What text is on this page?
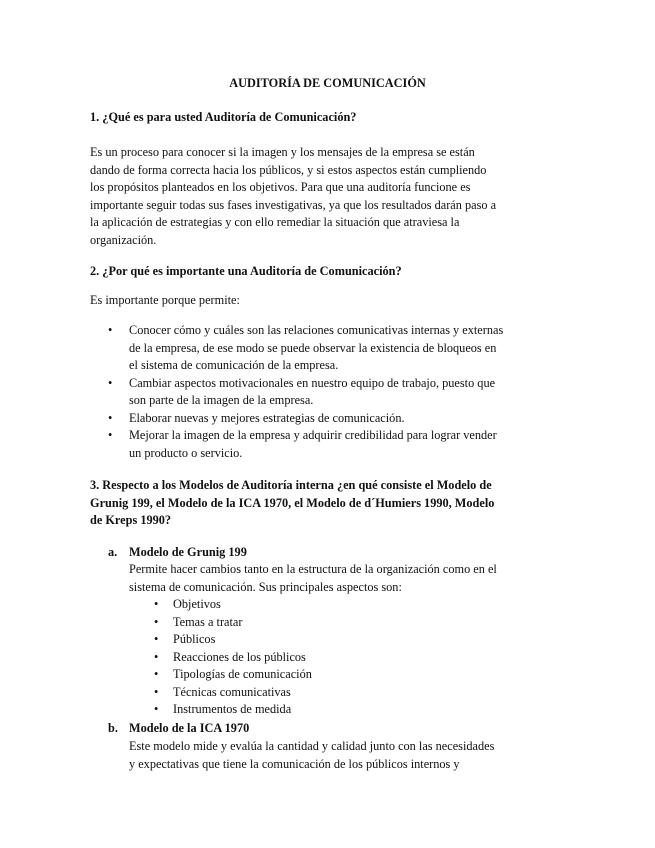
AUDITORÍA DE COMUNICACIÓN
1. ¿Qué es para usted Auditoría de Comunicación?
Es un proceso para conocer si la imagen y los mensajes de la empresa se están
dando de forma correcta hacia los públicos, y si estos aspectos están cumpliendo
los propósitos planteados en los objetivos. Para que una auditoría funcione es
importante seguir todas sus fases investigativas, ya que los resultados darán paso a
la aplicación de estrategias y con ello remediar la situación que atraviesa la
organización.
2. ¿Por qué es importante una Auditoría de Comunicación?
Es importante porque permite:
• Conocer cómo y cuáles son las relaciones comunicativas internas y externas
de la empresa, de ese modo se puede observar la existencia de bloqueos en
el sistema de comunicación de la empresa.
• Cambiar aspectos motivacionales en nuestro equipo de trabajo, puesto que
son parte de la imagen de la empresa.
• Elaborar nuevas y mejores estrategias de comunicación.
• Mejorar la imagen de la empresa y adquirir credibilidad para lograr vender
un producto o servicio.
3. Respecto a los Modelos de Auditoría interna ¿en qué consiste el Modelo de
Grunig 199, el Modelo de la ICA 1970, el Modelo de d´Humiers 1990, Modelo
de Kreps 1990?
a. Modelo de Grunig 199
Permite hacer cambios tanto en la estructura de la organización como en el
sistema de comunicación. Sus principales aspectos son:
• Objetivos
• Temas a tratar
• Públicos
• Reacciones de los públicos
• Tipologías de comunicación
• Técnicas comunicativas
• Instrumentos de medida
b. Modelo de la ICA 1970
Este modelo mide y evalúa la cantidad y calidad junto con las necesidades
y expectativas que tiene la comunicación de los públicos internos y
